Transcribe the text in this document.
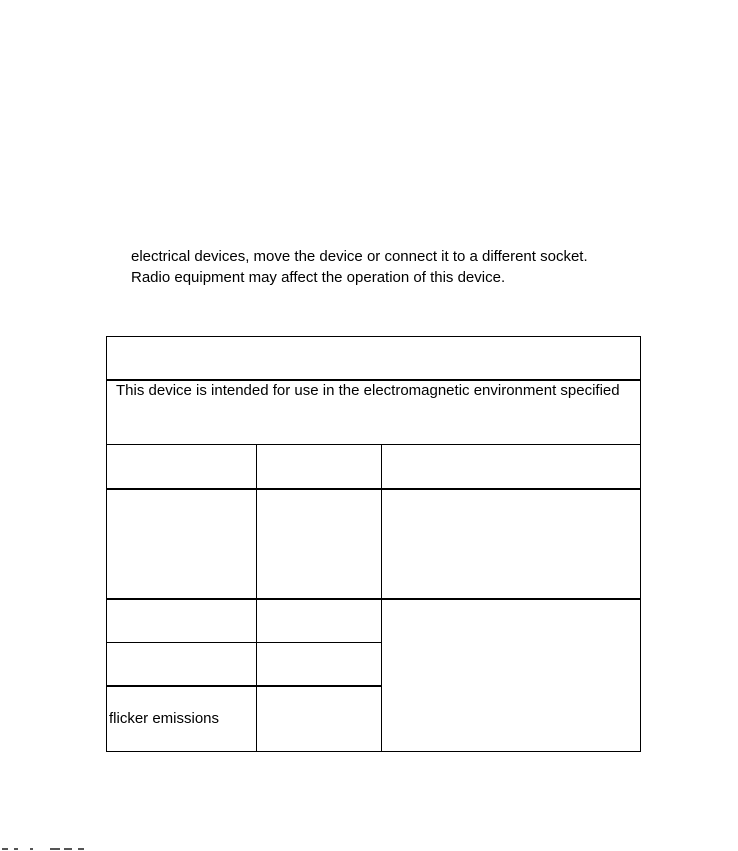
electrical devices, move the device or connect it to a different socket.
Radio equipment may affect the operation of this device.
This device is intended for use in the electromagnetic environment specified
flicker emissions
